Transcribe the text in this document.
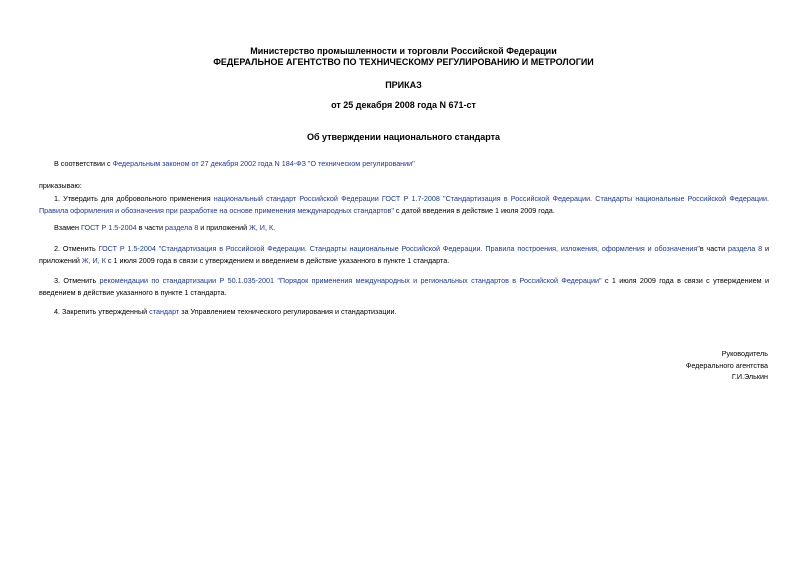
Министерство промышленности и торговли Российской Федерации
ФЕДЕРАЛЬНОЕ АГЕНТСТВО ПО ТЕХНИЧЕСКОМУ РЕГУЛИРОВАНИЮ И МЕТРОЛОГИИ
ПРИКАЗ
от 25 декабря 2008 года N 671-ст
Об утверждении национального стандарта
В соответствии с Федеральным законом от 27 декабря 2002 года N 184-ФЗ "О техническом регулировании"
приказываю:
1. Утвердить для добровольного применения национальный стандарт Российской Федерации ГОСТ Р 1.7-2008 "Стандартизация в Российской Федерации. Стандарты национальные Российской Федерации. Правила оформления и обозначения при разработке на основе применения международных стандартов" с датой введения в действие 1 июля 2009 года.
Взамен ГОСТ Р 1.5-2004 в части раздела 8 и приложений Ж, И, К.
2. Отменить ГОСТ Р 1.5-2004 "Стандартизация в Российской Федерации. Стандарты национальные Российской Федерации. Правила построения, изложения, оформления и обозначения"в части раздела 8 и приложений Ж, И, К с 1 июля 2009 года в связи с утверждением и введением в действие указанного в пункте 1 стандарта.
3. Отменить рекомендации по стандартизации Р 50.1.035-2001 "Порядок применения международных и региональных стандартов в Российской Федерации" с 1 июля 2009 года в связи с утверждением и введением в действие указанного в пункте 1 стандарта.
4. Закрепить утвержденный стандарт за Управлением технического регулирования и стандартизации.
Руководитель
Федерального агентства
Г.И.Элькин
